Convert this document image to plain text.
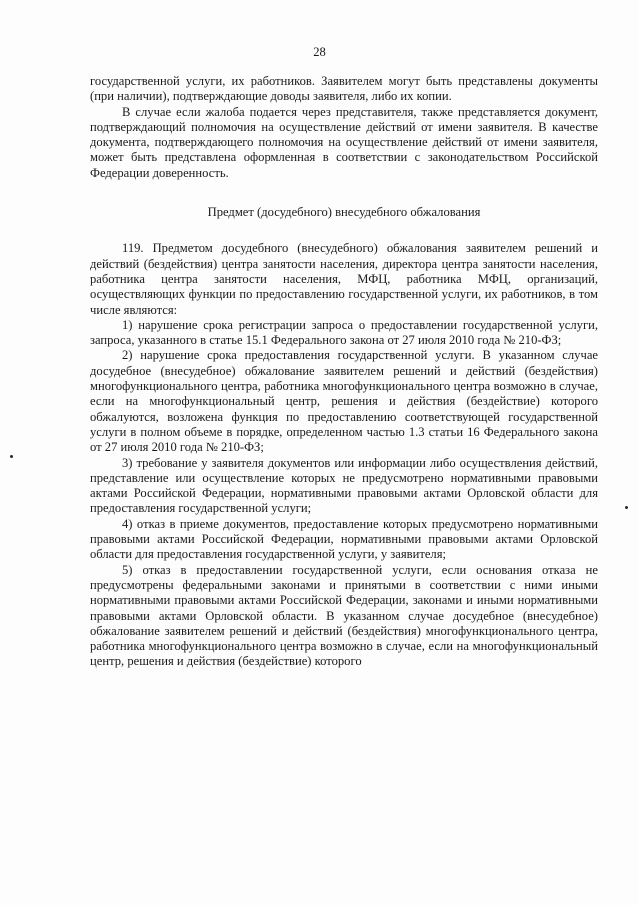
28

государственной услуги, их работников. Заявителем могут быть представлены документы (при наличии), подтверждающие доводы заявителя, либо их копии.

В случае если жалоба подается через представителя, также представляется документ, подтверждающий полномочия на осуществление действий от имени заявителя. В качестве документа, подтверждающего полномочия на осуществление действий от имени заявителя, может быть представлена оформленная в соответствии с законодательством Российской Федерации доверенность.

Предмет (досудебного) внесудебного обжалования

119. Предметом досудебного (внесудебного) обжалования заявителем решений и действий (бездействия) центра занятости населения, директора центра занятости населения, работника центра занятости населения, МФЦ, работника МФЦ, организаций, осуществляющих функции по предоставлению государственной услуги, их работников, в том числе являются:

1) нарушение срока регистрации запроса о предоставлении государственной услуги, запроса, указанного в статье 15.1 Федерального закона от 27 июля 2010 года № 210-ФЗ;

2) нарушение срока предоставления государственной услуги. В указанном случае досудебное (внесудебное) обжалование заявителем решений и действий (бездействия) многофункционального центра, работника многофункционального центра возможно в случае, если на многофункциональный центр, решения и действия (бездействие) которого обжалуются, возложена функция по предоставлению соответствующей государственной услуги в полном объеме в порядке, определенном частью 1.3 статьи 16 Федерального закона от 27 июля 2010 года № 210-ФЗ;

3) требование у заявителя документов или информации либо осуществления действий, представление или осуществление которых не предусмотрено нормативными правовыми актами Российской Федерации, нормативными правовыми актами Орловской области для предоставления государственной услуги;

4) отказ в приеме документов, предоставление которых предусмотрено нормативными правовыми актами Российской Федерации, нормативными правовыми актами Орловской области для предоставления государственной услуги, у заявителя;

5) отказ в предоставлении государственной услуги, если основания отказа не предусмотрены федеральными законами и принятыми в соответствии с ними иными нормативными правовыми актами Российской Федерации, законами и иными нормативными правовыми актами Орловской области. В указанном случае досудебное (внесудебное) обжалование заявителем решений и действий (бездействия) многофункционального центра, работника многофункционального центра возможно в случае, если на многофункциональный центр, решения и действия (бездействие) которого
